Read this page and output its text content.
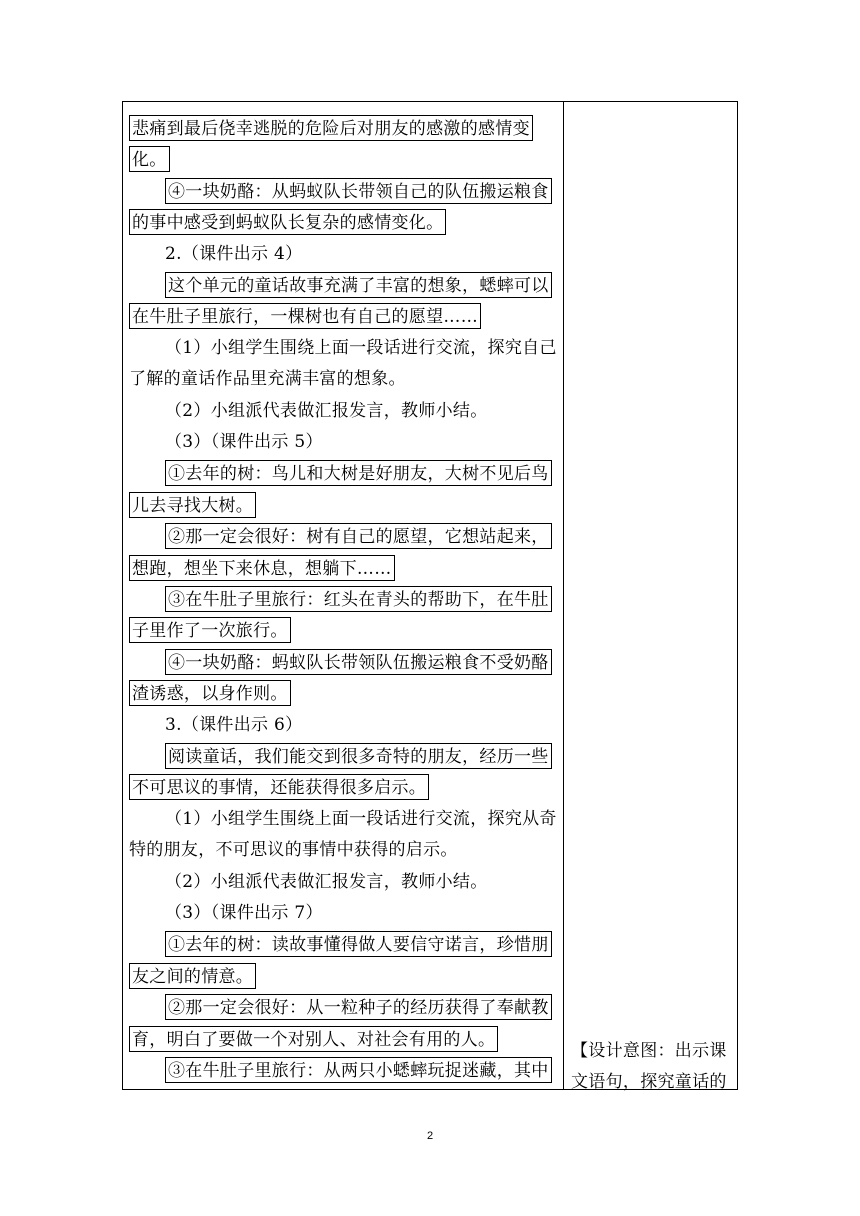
悲痛到最后侥幸逃脱的危险后对朋友的感激的感情变
化。
④一块奶酪：从蚂蚁队长带领自己的队伍搬运粮食
的事中感受到蚂蚁队长复杂的感情变化。
2.（课件出示 4）
这个单元的童话故事充满了丰富的想象，蟋蟀可以
在牛肚子里旅行，一棵树也有自己的愿望……
（1）小组学生围绕上面一段话进行交流，探究自己
了解的童话作品里充满丰富的想象。
（2）小组派代表做汇报发言，教师小结。
（3）（课件出示 5）
①去年的树：鸟儿和大树是好朋友，大树不见后鸟
儿去寻找大树。
②那一定会很好：树有自己的愿望，它想站起来，
想跑，想坐下来休息，想躺下……
③在牛肚子里旅行：红头在青头的帮助下，在牛肚
子里作了一次旅行。
④一块奶酪：蚂蚁队长带领队伍搬运粮食不受奶酪
渣诱惑，以身作则。
3.（课件出示 6）
阅读童话，我们能交到很多奇特的朋友，经历一些
不可思议的事情，还能获得很多启示。
（1）小组学生围绕上面一段话进行交流，探究从奇
特的朋友，不可思议的事情中获得的启示。
（2）小组派代表做汇报发言，教师小结。
（3）（课件出示 7）
①去年的树：读故事懂得做人要信守诺言，珍惜朋
友之间的情意。
②那一定会很好：从一粒种子的经历获得了奉献教
育，明白了要做一个对别人、对社会有用的人。
③在牛肚子里旅行：从两只小蟋蟀玩捉迷藏，其中
【设计意图：出示课
文语句，探究童话的
2
